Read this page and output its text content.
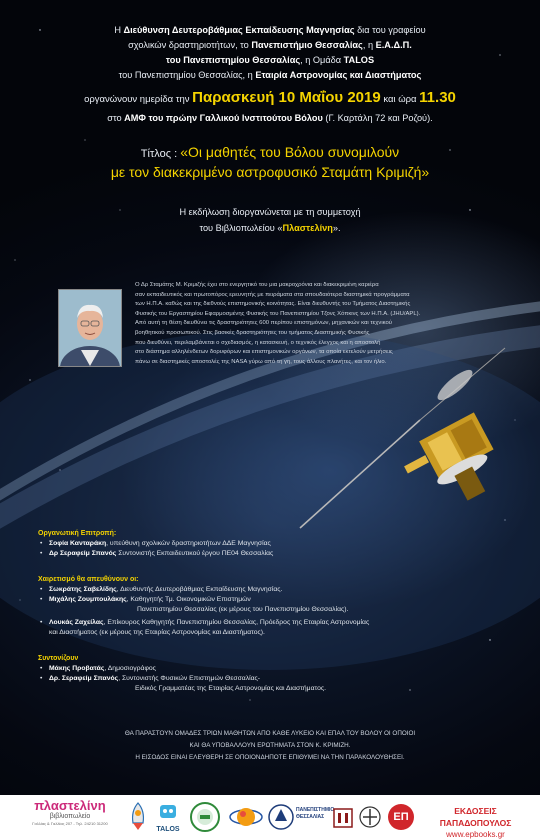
Η Διεύθυνση Δευτεροβάθμιας Εκπαίδευσης Μαγνησίας δια του γραφείου
σχολικών δραστηριοτήτων, το Πανεπιστήμιο Θεσσαλίας, η Ε.Α.Δ.Π.
του Πανεπιστημίου Θεσσαλίας, η Ομάδα TALOS
του Πανεπιστημίου Θεσσαλίας, η Εταιρία Αστρονομίας και Διαστήματος
οργανώνουν ημερίδα την Παρασκευή 10 Μαΐου 2019 και ώρα 11.30
στο ΑΜΦ του πρώην Γαλλικού Ινστιτούτου Βόλου (Γ. Καρτάλη 72 και Ροζού).
Τίτλος : «Οι μαθητές του Βόλου συνομιλούν
με τον διακεκριμένο αστροφυσικό Σταμάτη Κριμιζή»
Η εκδήλωση διοργανώνεται με τη συμμετοχή
του Βιβλιοπωλείου «Πλαστελίνη».
Ο Δρ Σταμάτης Μ. Κριμιζής έχει στο ενεργητικό του μια μακροχρόνια και διακεκριμένη καριέρα
σαν εκπαιδευτικός και πρωτοπόρος ερευνητής με πειράματα στα σπουδαιότερα διαστημικά προγράμματα
των Η.Π.Α. καθώς και της διεθνούς επιστημονικής κοινότητας. Είναι διευθυντής του Τμήματος Διαστημικής
Φυσικής του Εργαστηρίου Εφαρμοσμένης Φυσικής του Πανεπιστημίου Τζονς Χόπκινς των Η.Π.Α. (JHU/APL).
Από αυτή τη θέση διευθύνει τις δραστηριότητες 600 περίπου επιστημόνων, μηχανικών και τεχνικού
βοηθητικού προσωπικού. Στις βασικές δραστηριότητες του τμήματος Διαστημικής Φυσικής
που διευθύνει, περιλαμβάνεται ο σχεδιασμός, η κατασκευή, ο τεχνικός έλεγχος και η αποστολή
στο διάστημα αλληλένδετων δορυφόρων και επιστημονικών οργάνων, τα οποία εκτελούν μετρήσεις
πάνω σε διαστημικές αποστολές της NASA γύρω από τη γη, τους άλλους πλανήτες, και τον ήλιο.
Οργανωτική Επιτροπή:
• Σοφία Κανταράκη, υπεύθυνη σχολικών δραστηριοτήτων ΔΔΕ Μαγνησίας
• Δρ Σεραφείμ Σπανός Συντονιστής Εκπαιδευτικού έργου ΠΕ04 Θεσσαλίας
Χαιρετισμό θα απευθύνουν οι:
• Σωκράτης Σαβελίδης, Διευθυντής Δευτεροβάθμιας Εκπαίδευσης Μαγνησίας.
• Μιχάλης Ζουμπουλάκης, Καθηγητής Τμ. Οικονομικών Επιστημών
Πανεπιστημίου Θεσσαλίας (εκ μέρους του Πανεπιστημίου Θεσσαλίας).
• Λουκάς Ζαχείλας, Επίκουρος Καθηγητής Πανεπιστημίου Θεσσαλίας, Πρόεδρος της Εταιρίας Αστρονομίας
και Διαστήματος (εκ μέρους της Εταιρίας Αστρονομίας και Διαστήματος).
Συντονίζουν
• Μάκης Προβατάς, Δημοσιογράφος
• Δρ. Σεραφείμ Σπανός, Συντονιστής Φυσικών Επιστημών Θεσσαλίας-
Ειδικός Γραμματέας της Εταιρίας Αστρονομίας και Διαστήματος.
ΘΑ ΠΑΡΑΣΤΟΥΝ ΟΜΑΔΕΣ ΤΡΙΩΝ ΜΑΘΗΤΩΝ ΑΠΟ ΚΑΘΕ ΛΥΚΕΙΟ ΚΑΙ ΕΠΑΛ ΤΟΥ ΒΟΛΟΥ ΟΙ ΟΠΟΙΟΙ
ΚΑΙ ΘΑ ΥΠΟΒΑΛΛΟΥΝ ΕΡΩΤΗΜΑΤΑ ΣΤΟΝ Κ. ΚΡΙΜΙΖΗ.
Η ΕΙΣΟΔΟΣ ΕΙΝΑΙ ΕΛΕΥΘΕΡΗ ΣΕ ΟΠΟΙΟΝΔΗΠΟΤΕ ΕΠΙΘΥΜΕΙ ΝΑ ΤΗΝ ΠΑΡΑΚΟΛΟΥΘΗΣΕΙ.
πλαστελίνη
βιβλιοπωλείο
Γαλλίας & Γαλλίας 207 - Τηλ. 24210 31200
TALOS
ΠΑΝΕΠΙΣΤΗΜΙΟ
ΘΕΣΣΑΛΙΑΣ	ΕΠ	ΕΚΔΟΣΕΙΣ ΠΑΠΑΔΟΠΟΥΛΟΣ
www.epbooks.gr
